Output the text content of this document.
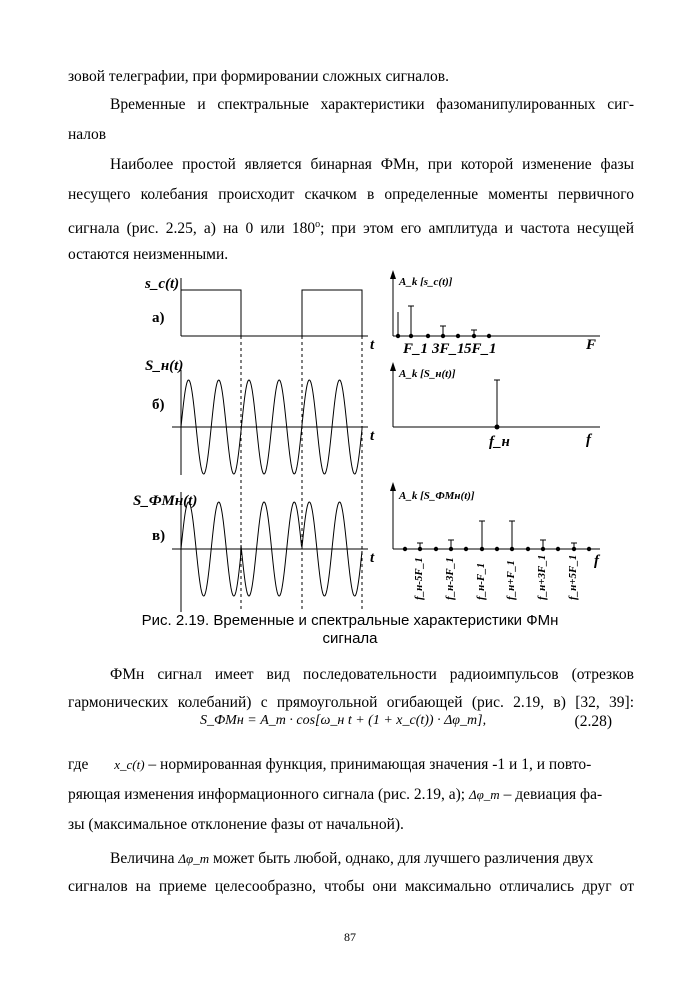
зовой телеграфии, при формировании сложных сигналов.
Временные и спектральные характеристики фазоманипулированных сиг-
налов
Наиболее простой является бинарная ФМн, при которой изменение фазы
несущего колебания происходит скачком в определенные моменты первичного
сигнала (рис. 2.25, а) на 0 или 180$^o$; при этом его амплитуда и частота несущей
остаются неизменными.
s_c(t)
а)
t
A_k [s_c(t)]
F
F_1 3F_1 5F_1
S_н(t)
б)
t
A_k [S_н(t)]
f
f_н
S_ФМн(t)
в)
t
A_k [S_ФМн(t)]
f
f_н-5F_1 f_н-3F_1 f_н-F_1 f_н+F_1 f_н+3F_1 f_н+5F_1
Рис. 2.19. Временные и спектральные характеристики ФМн
сигнала
ФМн сигнал имеет вид последовательности радиоимпульсов (отрезков
гармонических колебаний) с прямоугольной огибающей (рис. 2.19, в) [32, 39]:
S_ФМн = A_m · cos[ω_н t + (1 + x_c(t)) · Δφ_m],	(2.28)
где x_c(t) – нормированная функция, принимающая значения -1 и 1, и повто-
ряющая изменения информационного сигнала (рис. 2.19, а); Δφ_m – девиация фа-
зы (максимальное отклонение фазы от начальной).
Величина Δφ_m может быть любой, однако, для лучшего различения двух
сигналов на приеме целесообразно, чтобы они максимально отличались друг от
87
